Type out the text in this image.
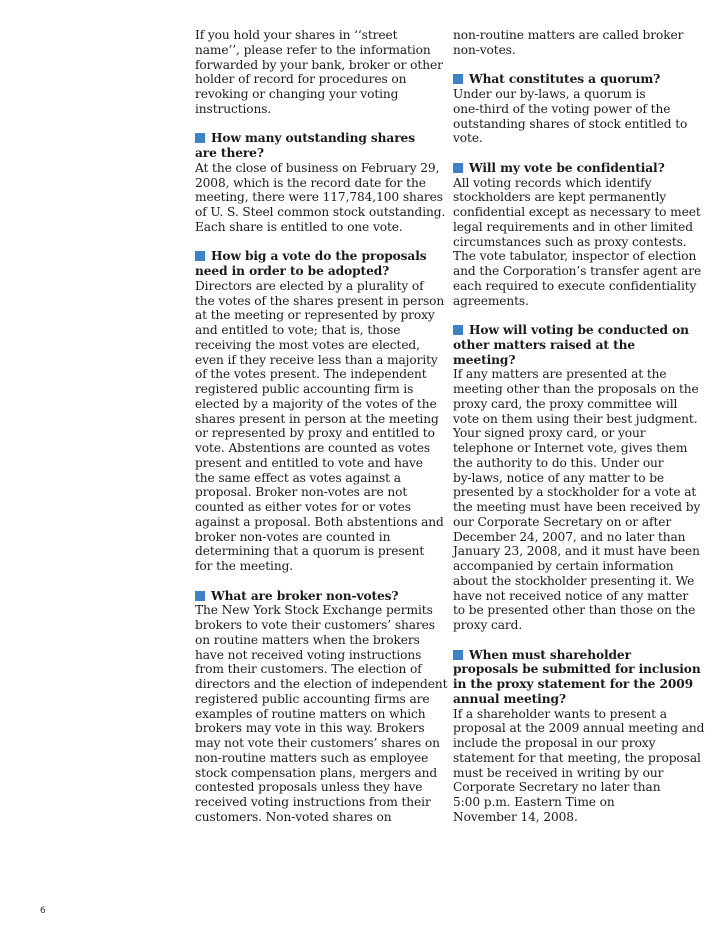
If you hold your shares in ‘‘street
name’’, please refer to the information
forwarded by your bank, broker or other
holder of record for procedures on
revoking or changing your voting
instructions.
How many outstanding shares
are there?
At the close of business on February 29,
2008, which is the record date for the
meeting, there were 117,784,100 shares
of U. S. Steel common stock outstanding.
Each share is entitled to one vote.
How big a vote do the proposals
need in order to be adopted?
Directors are elected by a plurality of
the votes of the shares present in person
at the meeting or represented by proxy
and entitled to vote; that is, those
receiving the most votes are elected,
even if they receive less than a majority
of the votes present. The independent
registered public accounting firm is
elected by a majority of the votes of the
shares present in person at the meeting
or represented by proxy and entitled to
vote. Abstentions are counted as votes
present and entitled to vote and have
the same effect as votes against a
proposal. Broker non-votes are not
counted as either votes for or votes
against a proposal. Both abstentions and
broker non-votes are counted in
determining that a quorum is present
for the meeting.
What are broker non-votes?
The New York Stock Exchange permits
brokers to vote their customers’ shares
on routine matters when the brokers
have not received voting instructions
from their customers. The election of
directors and the election of independent
registered public accounting firms are
examples of routine matters on which
brokers may vote in this way. Brokers
may not vote their customers’ shares on
non-routine matters such as employee
stock compensation plans, mergers and
contested proposals unless they have
received voting instructions from their
customers. Non-voted shares on
non-routine matters are called broker
non-votes.
What constitutes a quorum?
Under our by-laws, a quorum is
one-third of the voting power of the
outstanding shares of stock entitled to
vote.
Will my vote be confidential?
All voting records which identify
stockholders are kept permanently
confidential except as necessary to meet
legal requirements and in other limited
circumstances such as proxy contests.
The vote tabulator, inspector of election
and the Corporation’s transfer agent are
each required to execute confidentiality
agreements.
How will voting be conducted on
other matters raised at the
meeting?
If any matters are presented at the
meeting other than the proposals on the
proxy card, the proxy committee will
vote on them using their best judgment.
Your signed proxy card, or your
telephone or Internet vote, gives them
the authority to do this. Under our
by-laws, notice of any matter to be
presented by a stockholder for a vote at
the meeting must have been received by
our Corporate Secretary on or after
December 24, 2007, and no later than
January 23, 2008, and it must have been
accompanied by certain information
about the stockholder presenting it. We
have not received notice of any matter
to be presented other than those on the
proxy card.
When must shareholder
proposals be submitted for inclusion
in the proxy statement for the 2009
annual meeting?
If a shareholder wants to present a
proposal at the 2009 annual meeting and
include the proposal in our proxy
statement for that meeting, the proposal
must be received in writing by our
Corporate Secretary no later than
5:00 p.m. Eastern Time on
November 14, 2008.
6
